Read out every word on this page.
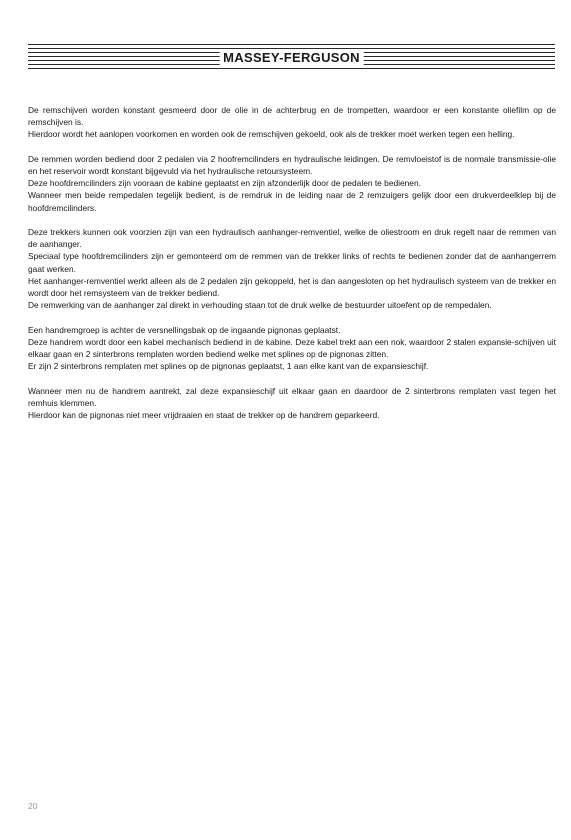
MASSEY-FERGUSON

De remschijven worden konstant gesmeerd door de olie in de achterbrug en de trompetten, waardoor er een konstante oliefilm op de remschijven is.
Hierdoor wordt het aanlopen voorkomen en worden ook de remschijven gekoeld, ook als de trekker moet werken tegen een helling.

De remmen worden bediend door 2 pedalen via 2 hoofremcilinders en hydraulische leidingen. De remvloeistof is de normale transmissie-olie en het reservoir wordt konstant bijgevuld via het hydraulische retoursysteem.
Deze hoofdremcilinders zijn vooraan de kabine geplaatst en zijn afzonderlijk door de pedalen te bedienen.
Wanneer men beide rempedalen tegelijk bedient, is de remdruk in de leiding naar de 2 remzuigers gelijk door een drukverdeelklep bij de hoofdremcilinders.

Deze trekkers kunnen ook voorzien zijn van een hydraulisch aanhanger-remventiel, welke de oliestroom en druk regelt naar de remmen van de aanhanger.
Speciaal type hoofdremcilinders zijn er gemonteerd om de remmen van de trekker links of rechts te bedienen zonder dat de aanhangerrem gaat werken.
Het aanhanger-remventiel werkt alleen als de 2 pedalen zijn gekoppeld, het is dan aangesloten op het hydraulisch systeem van de trekker en wordt door het remsysteem van de trekker bediend.
De remwerking van de aanhanger zal direkt in verhouding staan tot de druk welke de bestuurder uitoefent op de rempedalen.

Een handremgroep is achter de versnellingsbak op de ingaande pignonas geplaatst.
Deze handrem wordt door een kabel mechanisch bediend in de kabine. Deze kabel trekt aan een nok, waardoor 2 stalen expansie-schijven uit elkaar gaan en 2 sinterbrons remplaten worden bediend welke met splines op de pignonas zitten.
Er zijn 2 sinterbrons remplaten met splines op de pignonas geplaatst, 1 aan elke kant van de expansieschijf.

Wanneer men nu de handrem aantrekt, zal deze expansieschijf uit elkaar gaan en daardoor de 2 sinterbrons remplaten vast tegen het remhuis klemmen.
Hierdoor kan de pignonas niet meer vrijdraaien en staat de trekker op de handrem geparkeerd.

20
